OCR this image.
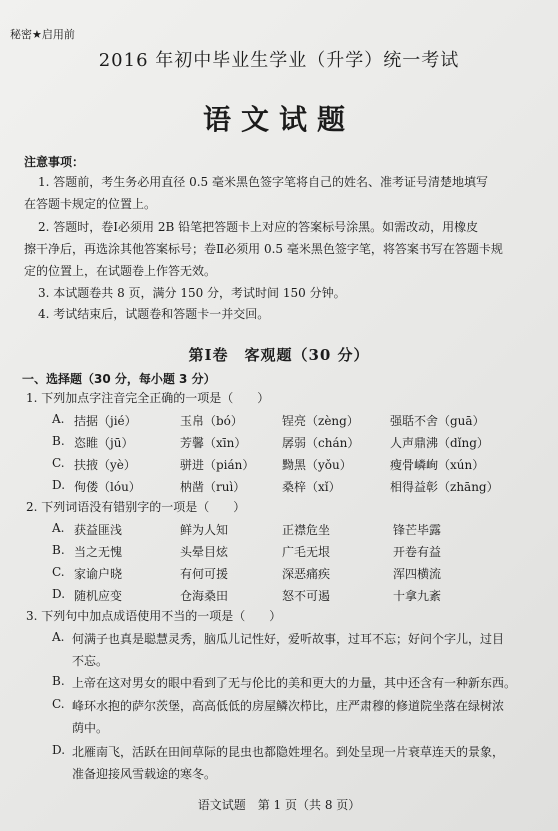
秘密★启用前
2016 年初中毕业生学业（升学）统一考试
语文试题
注意事项：
1. 答题前，考生务必用直径 0.5 毫米黑色签字笔将自己的姓名、准考证号清楚地填写
在答题卡规定的位置上。
2. 答题时，卷Ⅰ必须用 2B 铅笔把答题卡上对应的答案标号涂黑。如需改动，用橡皮
擦干净后，再选涂其他答案标号；卷Ⅱ必须用 0.5 毫米黑色签字笔，将答案书写在答题卡规
定的位置上，在试题卷上作答无效。
3. 本试题卷共 8 页，满分 150 分，考试时间 150 分钟。
4. 考试结束后，试题卷和答题卡一并交回。
第Ⅰ卷　客观题（30 分）
一、选择题（30 分，每小题 3 分）
1. 下列加点字注音完全正确的一项是（　　）
A. 拮据（jié）	玉帛（bó）	锃亮（zèng）	强聒不舍（guā）
B. 恣睢（jū）	芳馨（xīn）	孱弱（chán）	人声鼎沸（dǐng）
C. 扶掖（yè）	骈进（pián） 黝黑（yǒu）	瘦骨嶙峋（xún）
D. 佝偻（lóu）	枘凿（ruì）	桑梓（xǐ）	相得益彰（zhāng）
2. 下列词语没有错别字的一项是（　　）
A. 获益匪浅	鲜为人知	正襟危坐	锋芒毕露
B. 当之无愧	头晕目炫	广毛无垠	开卷有益
C. 家谕户晓	有何可援	深恶痛疾	浑四横流
D. 随机应变	仓海桑田	怒不可遏	十拿九紊
3. 下列句中加点成语使用不当的一项是（　　）
A. 何满子也真是聪慧灵秀，脑瓜儿记性好，爱听故事，过耳不忘；好问个字儿，过目
不忘。
B. 上帝在这对男女的眼中看到了无与伦比的美和更大的力量，其中还含有一种新东西。
C. 峰环水抱的萨尔茨堡，高高低低的房屋鳞次栉比，庄严肃穆的修道院坐落在绿树浓
荫中。
D. 北雁南飞，活跃在田间草际的昆虫也都隐姓埋名。到处呈现一片衰草连天的景象，
准备迎接风雪载途的寒冬。
语文试题　第 1 页（共 8 页）
